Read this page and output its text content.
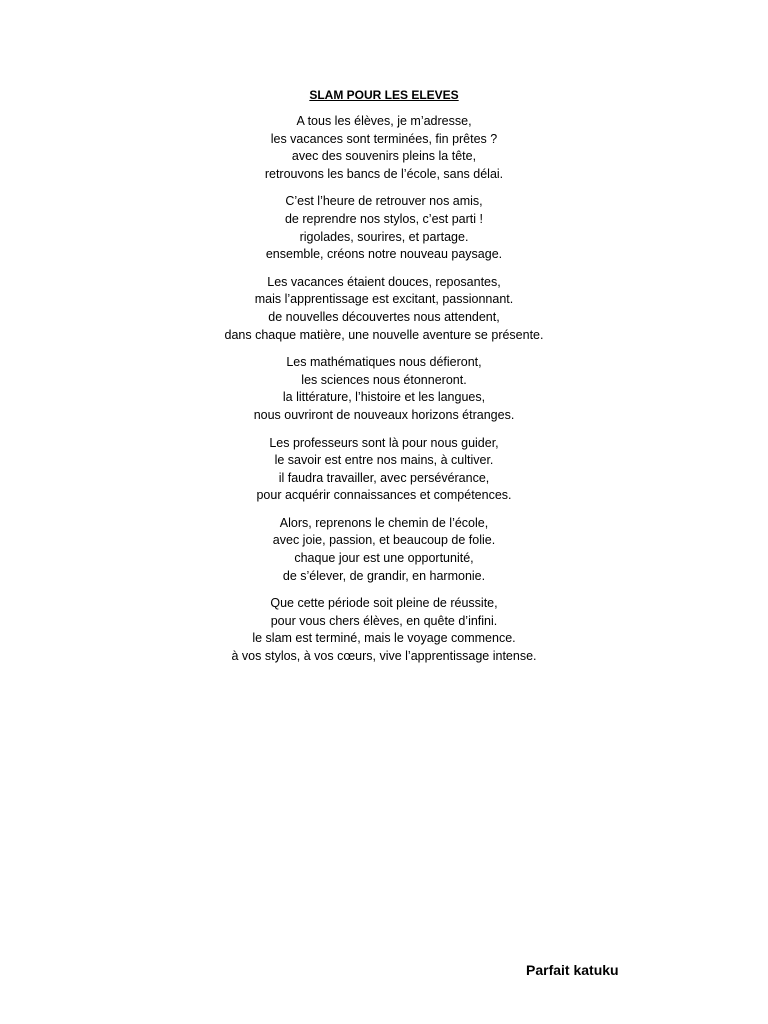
SLAM POUR LES ELEVES
A tous les élèves, je m’adresse,
les vacances sont terminées, fin prêtes ?
avec des souvenirs pleins la tête,
retrouvons les bancs de l’école, sans délai.
C’est l’heure de retrouver nos amis,
de reprendre nos stylos, c’est parti !
rigolades, sourires, et partage.
ensemble, créons notre nouveau paysage.
Les vacances étaient douces, reposantes,
mais l’apprentissage est excitant, passionnant.
de nouvelles découvertes nous attendent,
dans chaque matière, une nouvelle aventure se présente.
Les mathématiques nous défieront,
les sciences nous étonneront.
la littérature, l’histoire et les langues,
nous ouvriront de nouveaux horizons étranges.
Les professeurs sont là pour nous guider,
le savoir est entre nos mains, à cultiver.
il faudra travailler, avec persévérance,
pour acquérir connaissances et compétences.
Alors, reprenons le chemin de l’école,
avec joie, passion, et beaucoup de folie.
chaque jour est une opportunité,
de s’élever, de grandir, en harmonie.
Que cette période soit pleine de réussite,
pour vous chers élèves, en quête d’infini.
le slam est terminé, mais le voyage commence.
à vos stylos, à vos cœurs, vive l’apprentissage intense.
Parfait katuku
